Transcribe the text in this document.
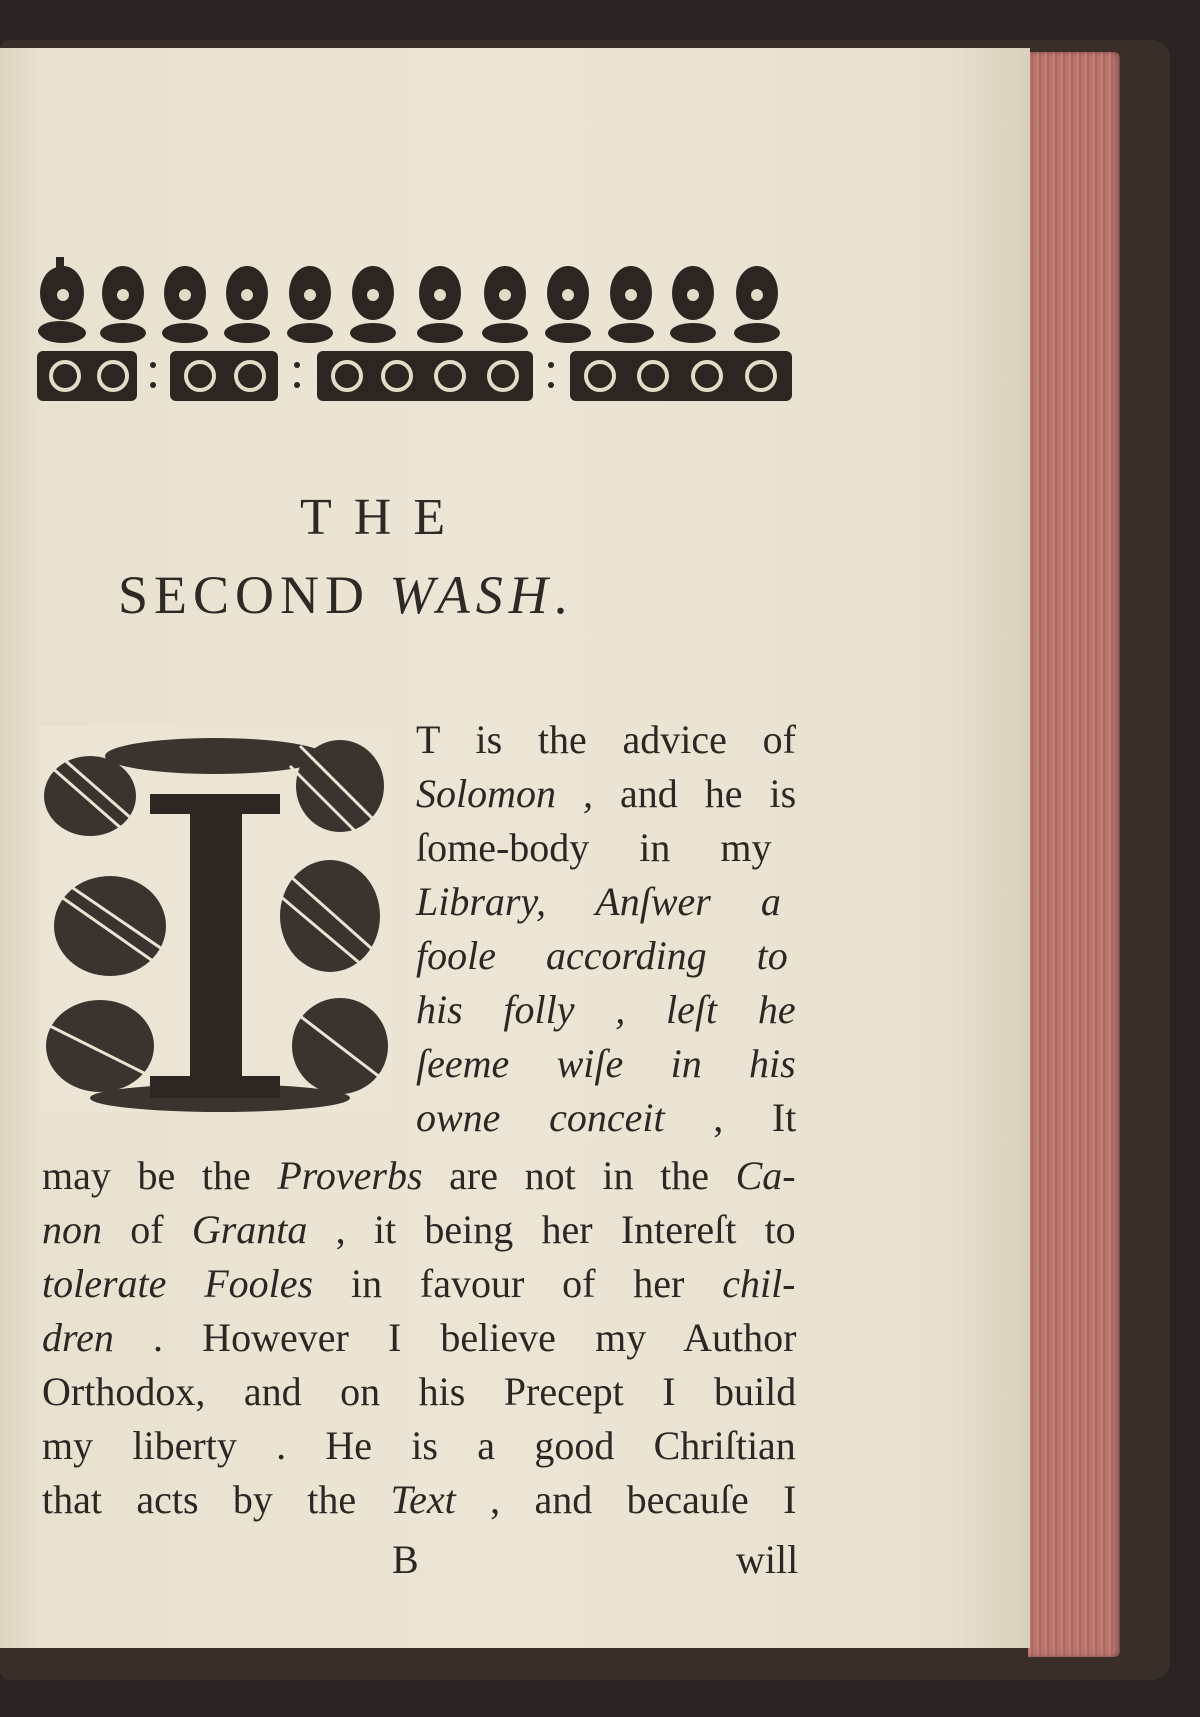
THE
SECOND WASH.
T is the advice of
Solomon , and he is
ſome-body in my
Library, Anſwer a
foole according to
his folly , leſt he
ſeeme wiſe in his
owne conceit , It
may be the Proverbs are not in the Ca-
non of Granta , it being her Intereſt to
tolerate Fooles in favour of her chil-
dren . However I believe my Author
Orthodox, and on his Precept I build
my liberty . He is a good Chriſtian
that acts by the Text , and becauſe I
B	will
